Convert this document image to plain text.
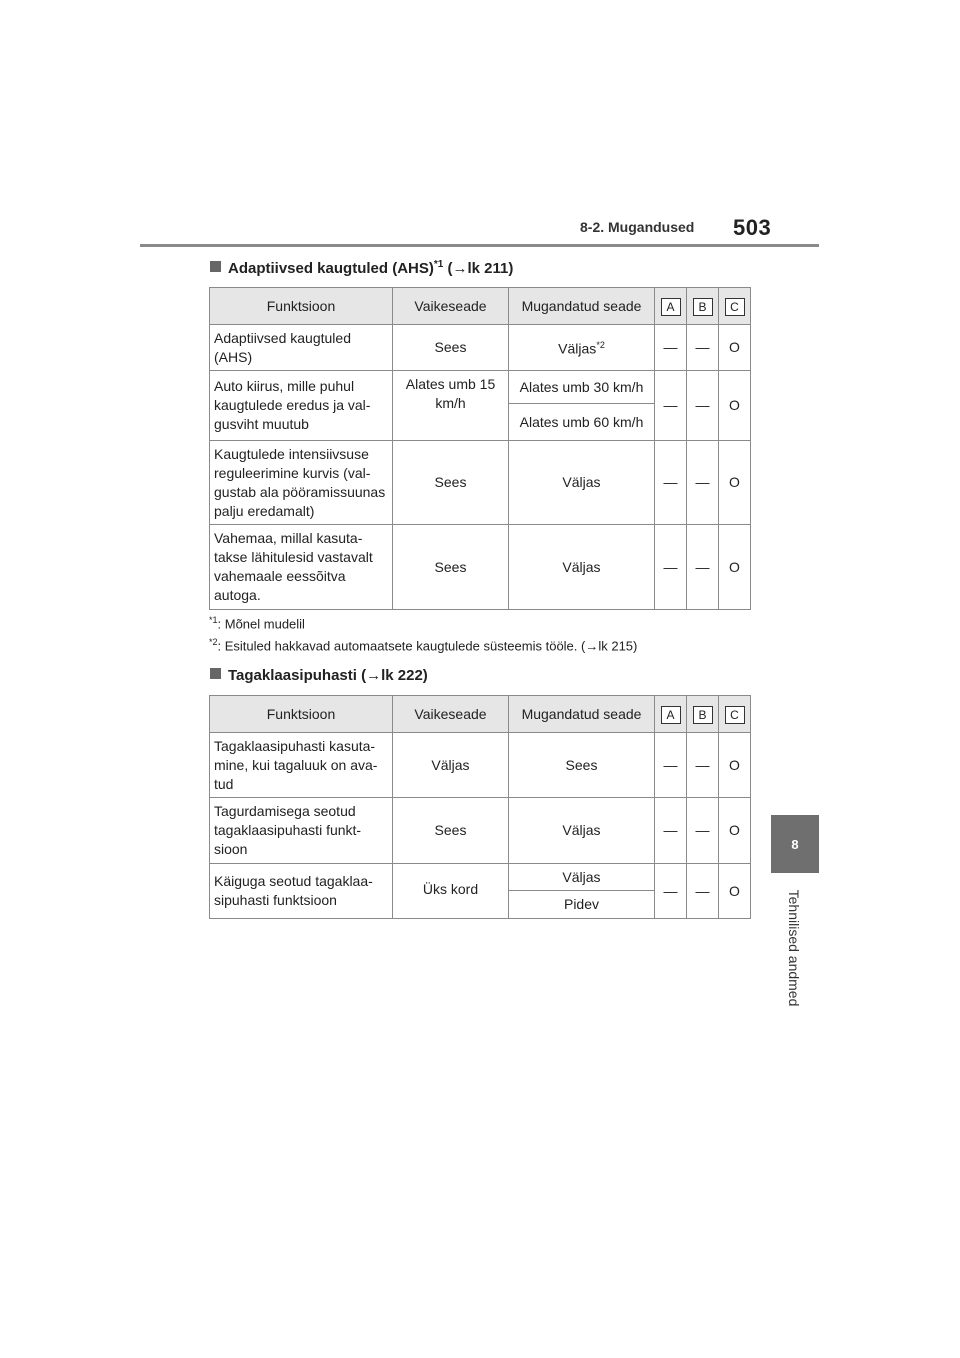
8-2. Mugandused 503
8
Tehnilised andmed
Adaptiivsed kaugtuled (AHS)$^{*1}$ (→lk 211)
Funktsioon	Vaikeseade	Mugandatud seade	A	B	C
Adaptiivsed kaugtuled (AHS)	Sees	Väljas$^{*2}$	—	—	O
Auto kiirus, mille puhul kaugtulede eredus ja val-gusviht muutub	Alates umb 15 km/h	Alates umb 30 km/h	—	—	O
		Alates umb 60 km/h			
Kaugtulede intensiivsuse reguleerimine kurvis (val-gustab ala pööramissuunas palju eredamalt)	Sees	Väljas	—	—	O
Vahemaa, millal kasuta-takse lähitulesid vastavalt vahemaale eessõitva autoga.	Sees	Väljas	—	—	O
$^{*1}$: Mõnel mudelil
$^{*2}$: Esituled hakkavad automaatsete kaugtulede süsteemis tööle. (→lk 215)
Tagaklaasipuhasti (→lk 222)
Funktsioon	Vaikeseade	Mugandatud seade	A	B	C
Tagaklaasipuhasti kasuta-mine, kui tagaluuk on ava-tud	Väljas	Sees	—	—	O
Tagurdamisega seotud tagaklaasipuhasti funkt-sioon	Sees	Väljas	—	—	O
Käiguga seotud tagaklaa-sipuhasti funktsioon	Üks kord	Väljas	—	—	O
		Pidev			
